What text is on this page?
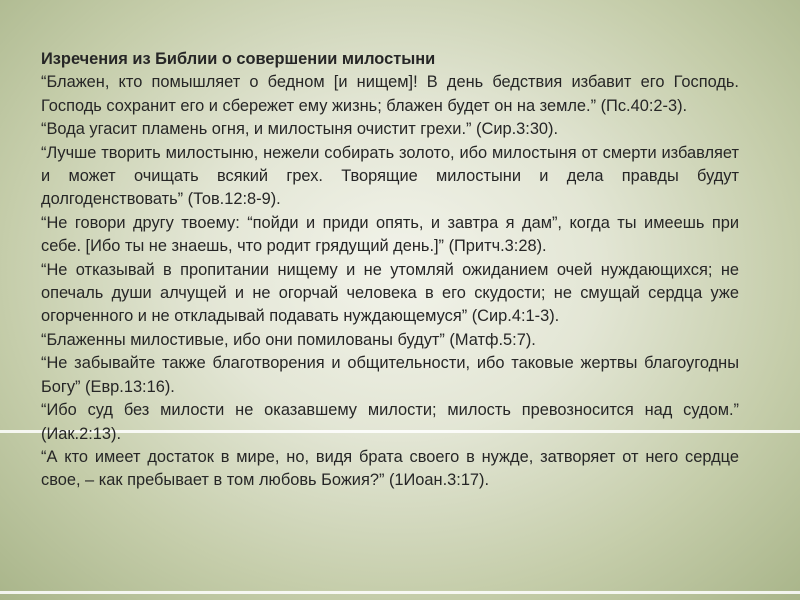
Изречения из Библии о совершении милостыни

“Блажен, кто помышляет о бедном [и нищем]! В день бедствия избавит его Господь. Господь сохранит его и сбережет ему жизнь; блажен будет он на земле.” (Пс.40:2-3).

“Вода угасит пламень огня, и милостыня очистит грехи.” (Сир.3:30).

“Лучше творить милостыню, нежели собирать золото, ибо милостыня от смерти избавляет и может очищать всякий грех. Творящие милостыни и дела правды будут долгоденствовать” (Тов.12:8-9).

“Не говори другу твоему: “пойди и приди опять, и завтра я дам”, когда ты имеешь при себе. [Ибо ты не знаешь, что родит грядущий день.]” (Притч.3:28).

“Не отказывай в пропитании нищему и не утомляй ожиданием очей нуждающихся; не опечаль души алчущей и не огорчай человека в его скудости; не смущай сердца уже огорченного и не откладывай подавать нуждающемуся” (Сир.4:1-3).

“Блаженны милостивые, ибо они помилованы будут” (Матф.5:7).

“Не забывайте также благотворения и общительности, ибо таковые жертвы благоугодны Богу” (Евр.13:16).

“Ибо суд без милости не оказавшему милости; милость превозносится над судом.” (Иак.2:13).

“А кто имеет достаток в мире, но, видя брата своего в нужде, затворяет от него сердце свое, – как пребывает в том любовь Божия?” (1Иоан.3:17).
